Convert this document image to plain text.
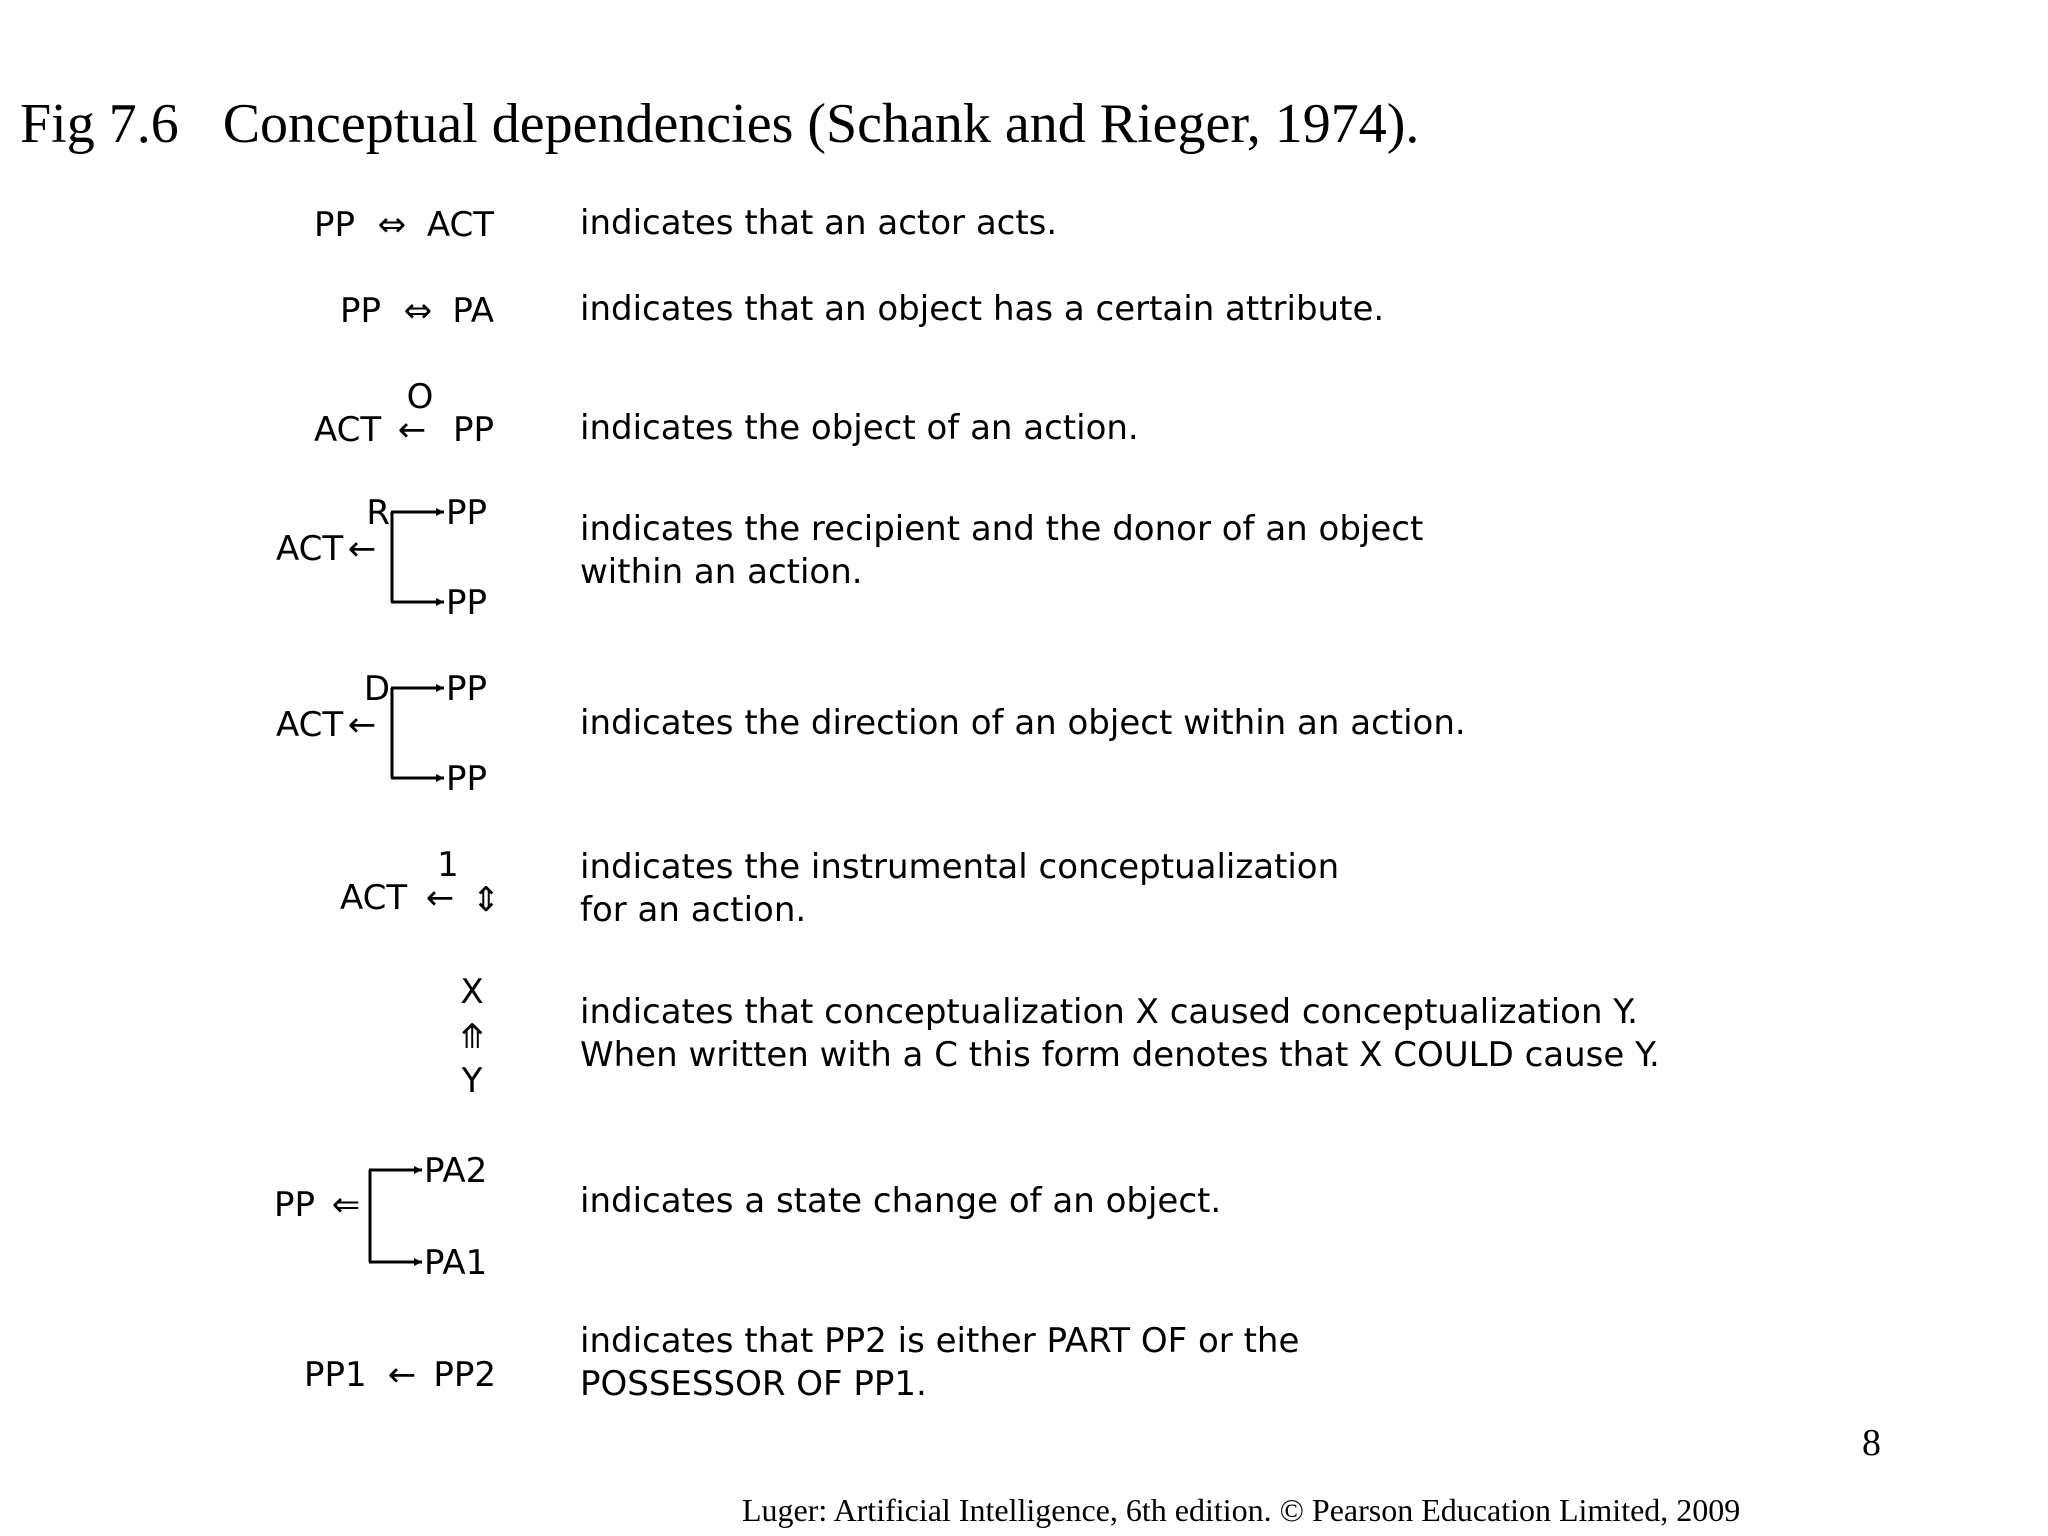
Fig 7.6 Conceptual dependencies (Schank and Rieger, 1974).
PP ⇔ ACT
PP ⇔ PA
O
ACT ← PP
ACT ←
R PP
PP
ACT ←
D PP
PP
1
ACT ← ⇕
X
⤊
Y
PP ⇐
PA2
PA1
PP1 ← PP2
indicates that an actor acts.
indicates that an object has a certain attribute.
indicates the object of an action.
indicates the recipient and the donor of an object
within an action.
indicates the direction of an object within an action.
indicates the instrumental conceptualization
for an action.
indicates that conceptualization X caused conceptualization Y.
When written with a C this form denotes that X COULD cause Y.
indicates a state change of an object.
indicates that PP2 is either PART OF or the
POSSESSOR OF PP1.
8
Luger: Artificial Intelligence, 6th edition. © Pearson Education Limited, 2009
